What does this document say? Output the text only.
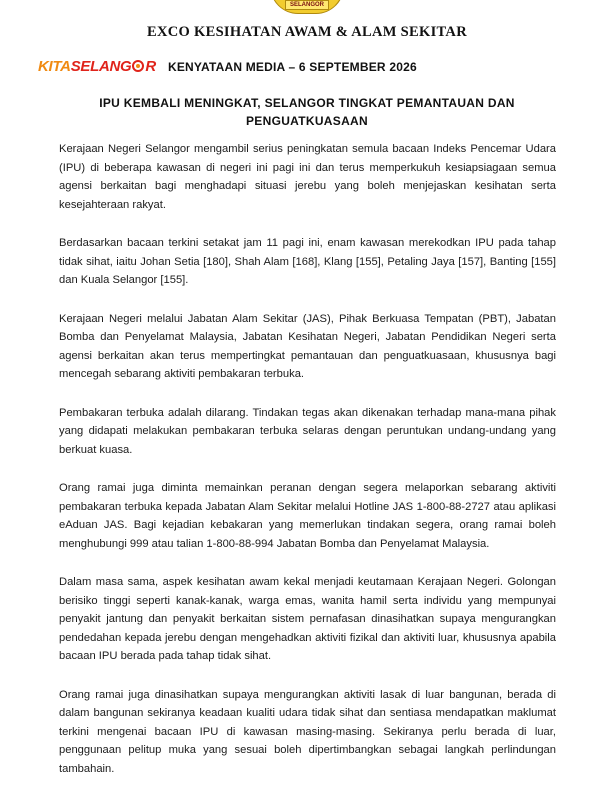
SELANGOR
EXCO KESIHATAN AWAM & ALAM SEKITAR
KITASELANG R KENYATAAN MEDIA – 6 SEPTEMBER 2026
IPU KEMBALI MENINGKAT, SELANGOR TINGKAT PEMANTAUAN DAN PENGUATKUASAAN

Kerajaan Negeri Selangor mengambil serius peningkatan semula bacaan Indeks Pencemar Udara (IPU) di beberapa kawasan di negeri ini pagi ini dan terus memperkukuh kesiapsiagaan semua agensi berkaitan bagi menghadapi situasi jerebu yang boleh menjejaskan kesihatan serta kesejahteraan rakyat.

Berdasarkan bacaan terkini setakat jam 11 pagi ini, enam kawasan merekodkan IPU pada tahap tidak sihat, iaitu Johan Setia [180], Shah Alam [168], Klang [155], Petaling Jaya [157], Banting [155] dan Kuala Selangor [155].

Kerajaan Negeri melalui Jabatan Alam Sekitar (JAS), Pihak Berkuasa Tempatan (PBT), Jabatan Bomba dan Penyelamat Malaysia, Jabatan Kesihatan Negeri, Jabatan Pendidikan Negeri serta agensi berkaitan akan terus mempertingkat pemantauan dan penguatkuasaan, khususnya bagi mencegah sebarang aktiviti pembakaran terbuka.

Pembakaran terbuka adalah dilarang. Tindakan tegas akan dikenakan terhadap mana-mana pihak yang didapati melakukan pembakaran terbuka selaras dengan peruntukan undang-undang yang berkuat kuasa.

Orang ramai juga diminta memainkan peranan dengan segera melaporkan sebarang aktiviti pembakaran terbuka kepada Jabatan Alam Sekitar melalui Hotline JAS 1-800-88-2727 atau aplikasi eAduan JAS. Bagi kejadian kebakaran yang memerlukan tindakan segera, orang ramai boleh menghubungi 999 atau talian 1-800-88-994 Jabatan Bomba dan Penyelamat Malaysia.

Dalam masa sama, aspek kesihatan awam kekal menjadi keutamaan Kerajaan Negeri. Golongan berisiko tinggi seperti kanak-kanak, warga emas, wanita hamil serta individu yang mempunyai penyakit jantung dan penyakit berkaitan sistem pernafasan dinasihatkan supaya mengurangkan pendedahan kepada jerebu dengan mengehadkan aktiviti fizikal dan aktiviti luar, khususnya apabila bacaan IPU berada pada tahap tidak sihat.

Orang ramai juga dinasihatkan supaya mengurangkan aktiviti lasak di luar bangunan, berada di dalam bangunan sekiranya keadaan kualiti udara tidak sihat dan sentiasa mendapatkan maklumat terkini mengenai bacaan IPU di kawasan masing-masing. Sekiranya perlu berada di luar, penggunaan pelitup muka yang sesuai boleh dipertimbangkan sebagai langkah perlindungan tambahain.
